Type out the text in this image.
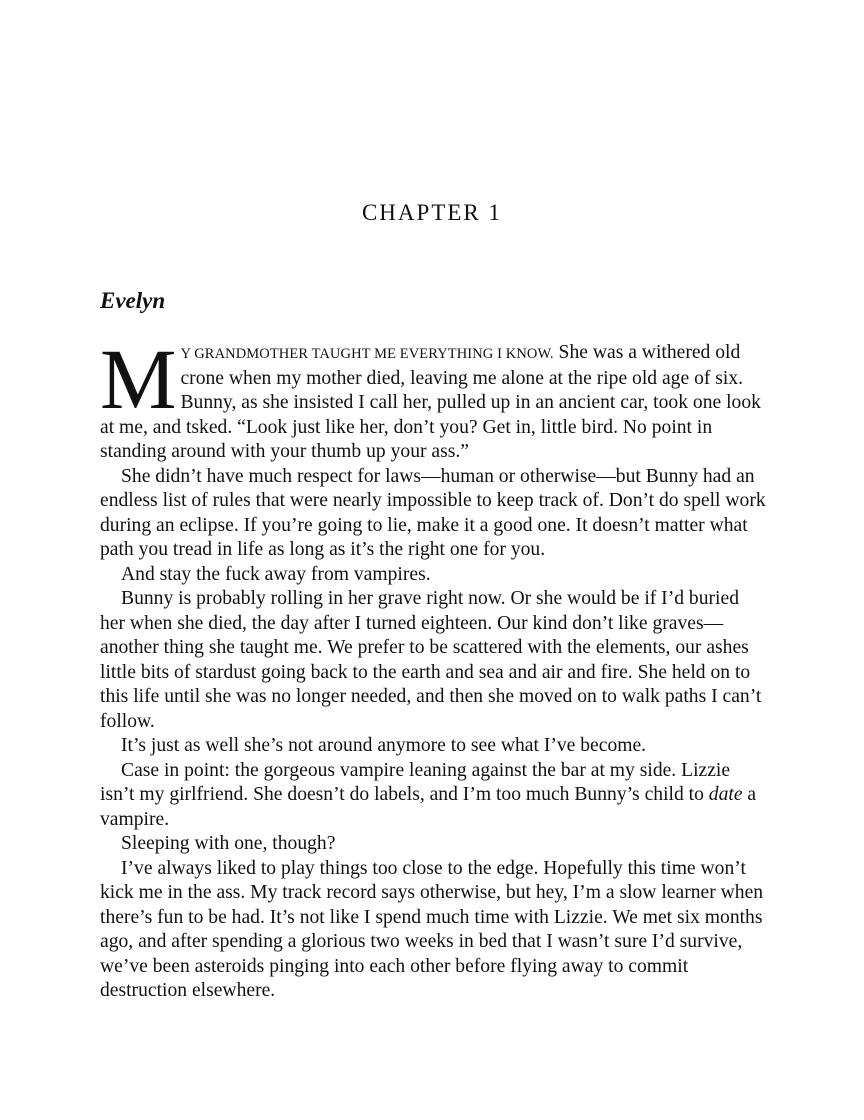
CHAPTER 1
Evelyn

M Y GRANDMOTHER TAUGHT ME EVERYTHING I KNOW. She was a withered old crone when my mother died, leaving me alone at the ripe old age of six. Bunny, as she insisted I call her, pulled up in an ancient car, took one look at me, and tsked. “Look just like her, don’t you? Get in, little bird. No point in standing around with your thumb up your ass.”

She didn’t have much respect for laws—human or otherwise—but Bunny had an endless list of rules that were nearly impossible to keep track of. Don’t do spell work during an eclipse. If you’re going to lie, make it a good one. It doesn’t matter what path you tread in life as long as it’s the right one for you.

And stay the fuck away from vampires.

Bunny is probably rolling in her grave right now. Or she would be if I’d buried her when she died, the day after I turned eighteen. Our kind don’t like graves—another thing she taught me. We prefer to be scattered with the elements, our ashes little bits of stardust going back to the earth and sea and air and fire. She held on to this life until she was no longer needed, and then she moved on to walk paths I can’t follow.

It’s just as well she’s not around anymore to see what I’ve become.

Case in point: the gorgeous vampire leaning against the bar at my side. Lizzie isn’t my girlfriend. She doesn’t do labels, and I’m too much Bunny’s child to date a vampire.

Sleeping with one, though?

I’ve always liked to play things too close to the edge. Hopefully this time won’t kick me in the ass. My track record says otherwise, but hey, I’m a slow learner when there’s fun to be had. It’s not like I spend much time with Lizzie. We met six months ago, and after spending a glorious two weeks in bed that I wasn’t sure I’d survive, we’ve been asteroids pinging into each other before flying away to commit destruction elsewhere.
